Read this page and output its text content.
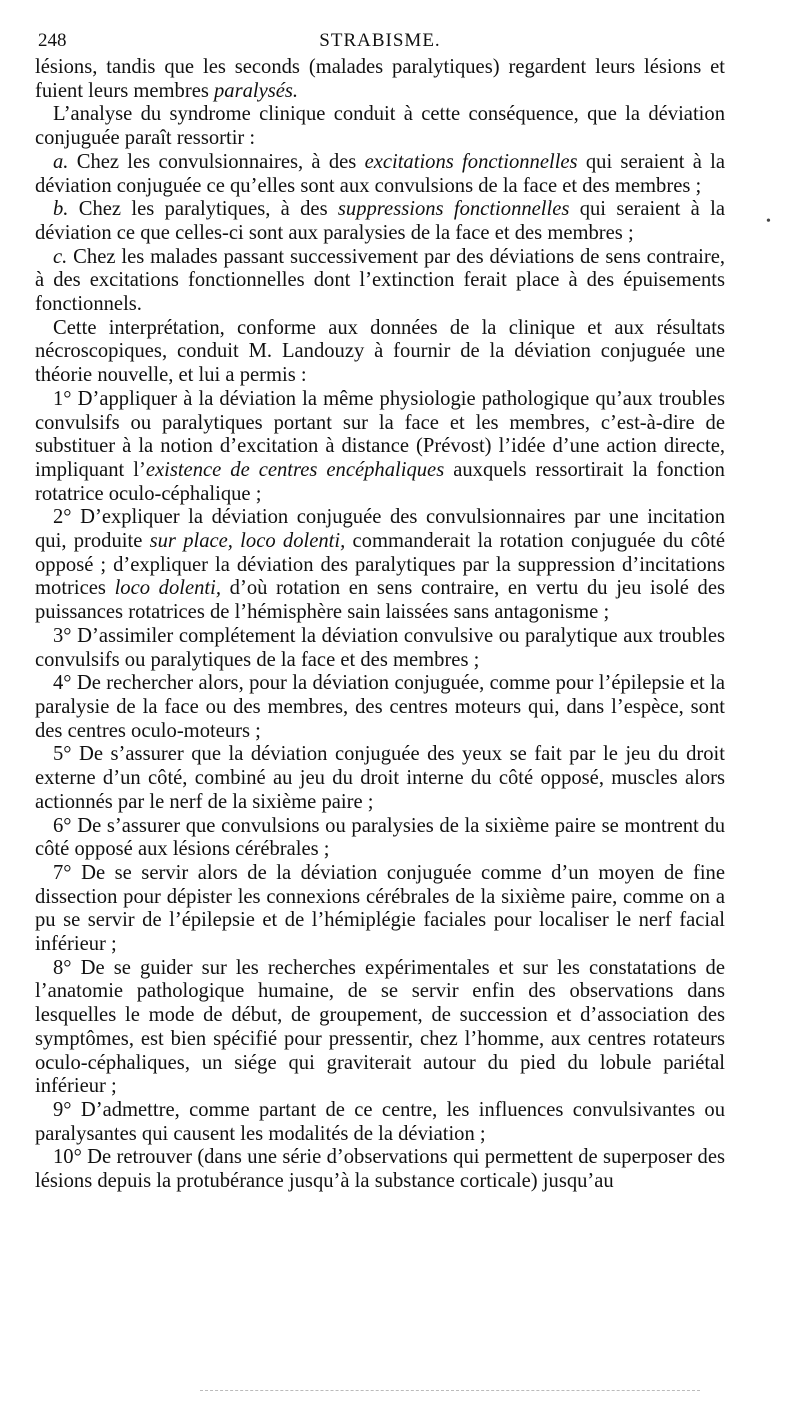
248	STRABISME.

lésions, tandis que les seconds (malades paralytiques) regardent leurs lésions et fuient leurs membres paralysés.

L’analyse du syndrome clinique conduit à cette conséquence, que la déviation conjuguée paraît ressortir :

a. Chez les convulsionnaires, à des excitations fonctionnelles qui seraient à la déviation conjuguée ce qu’elles sont aux convulsions de la face et des membres ;

b. Chez les paralytiques, à des suppressions fonctionnelles qui seraient à la déviation ce que celles-ci sont aux paralysies de la face et des membres ;

c. Chez les malades passant successivement par des déviations de sens contraire, à des excitations fonctionnelles dont l’extinction ferait place à des épuisements fonctionnels.

Cette interprétation, conforme aux données de la clinique et aux résultats nécroscopiques, conduit M. Landouzy à fournir de la déviation conjuguée une théorie nouvelle, et lui a permis :

1° D’appliquer à la déviation la même physiologie pathologique qu’aux troubles convulsifs ou paralytiques portant sur la face et les membres, c’est-à-dire de substituer à la notion d’excitation à distance (Prévost) l’idée d’une action directe, impliquant l’existence de centres encéphaliques auxquels ressortirait la fonction rotatrice oculo-céphalique ;

2° D’expliquer la déviation conjuguée des convulsionnaires par une incitation qui, produite sur place, loco dolenti, commanderait la rotation conjuguée du côté opposé ; d’expliquer la déviation des paralytiques par la suppression d’incitations motrices loco dolenti, d’où rotation en sens contraire, en vertu du jeu isolé des puissances rotatrices de l’hémisphère sain laissées sans antagonisme ;

3° D’assimiler complétement la déviation convulsive ou paralytique aux troubles convulsifs ou paralytiques de la face et des membres ;

4° De rechercher alors, pour la déviation conjuguée, comme pour l’épilepsie et la paralysie de la face ou des membres, des centres moteurs qui, dans l’espèce, sont des centres oculo-moteurs ;

5° De s’assurer que la déviation conjuguée des yeux se fait par le jeu du droit externe d’un côté, combiné au jeu du droit interne du côté opposé, muscles alors actionnés par le nerf de la sixième paire ;

6° De s’assurer que convulsions ou paralysies de la sixième paire se montrent du côté opposé aux lésions cérébrales ;

7° De se servir alors de la déviation conjuguée comme d’un moyen de fine dissection pour dépister les connexions cérébrales de la sixième paire, comme on a pu se servir de l’épilepsie et de l’hémiplégie faciales pour localiser le nerf facial inférieur ;

8° De se guider sur les recherches expérimentales et sur les constatations de l’anatomie pathologique humaine, de se servir enfin des observations dans lesquelles le mode de début, de groupement, de succession et d’association des symptômes, est bien spécifié pour pressentir, chez l’homme, aux centres rotateurs oculo-céphaliques, un siége qui graviterait autour du pied du lobule pariétal inférieur ;

9° D’admettre, comme partant de ce centre, les influences convulsivantes ou paralysantes qui causent les modalités de la déviation ;

10° De retrouver (dans une série d’observations qui permettent de superposer des lésions depuis la protubérance jusqu’à la substance corticale) jusqu’au

•
